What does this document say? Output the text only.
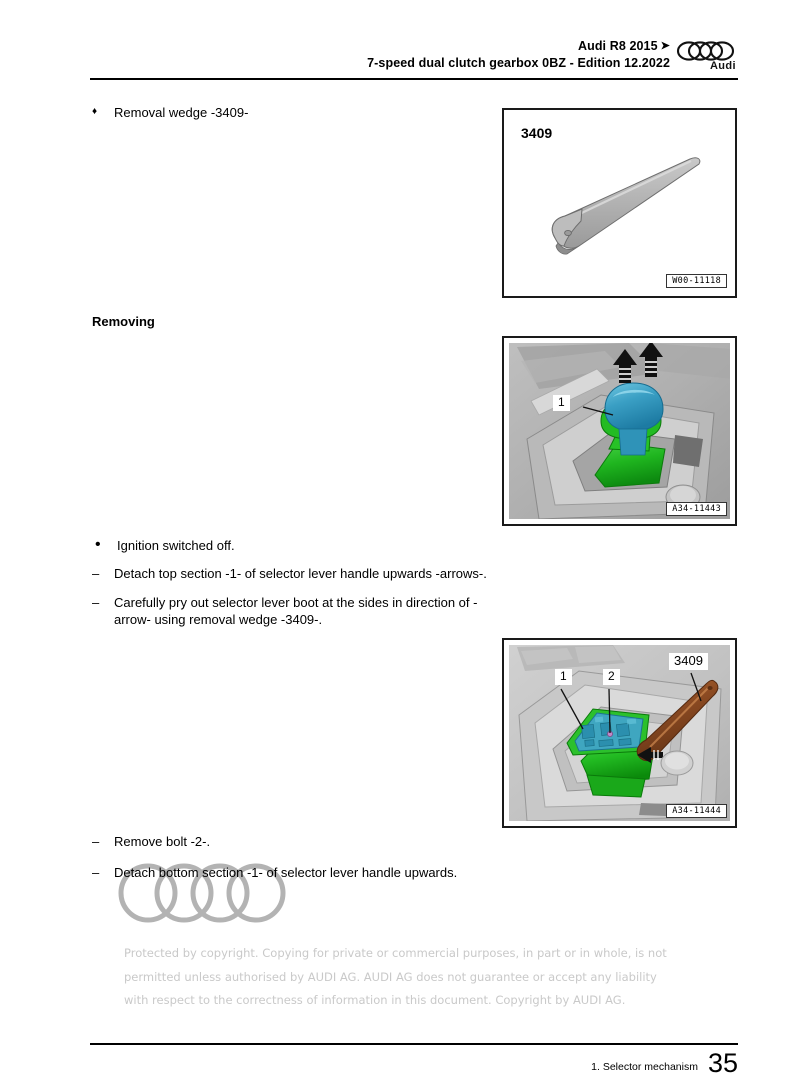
Audi R8 2015 ➤
7-speed dual clutch gearbox 0BZ - Edition 12.2022	Audi
♦	Removal wedge -3409-
3409
W00-11118
Removing
1
A34-11443
•	Ignition switched off.
–	Detach top section -1- of selector lever handle upwards -arrows-.
–	Carefully pry out selector lever boot at the sides in direction of -arrow- using removal wedge -3409-.
1	2
3409
A34-11444
–	Remove bolt -2-.
–	Detach bottom section -1- of selector lever handle upwards.
Protected by copyright. Copying for private or commercial purposes, in part or in whole, is not
permitted unless authorised by AUDI AG. AUDI AG does not guarantee or accept any liability
with respect to the correctness of information in this document. Copyright by AUDI AG.
1. Selector mechanism 35
